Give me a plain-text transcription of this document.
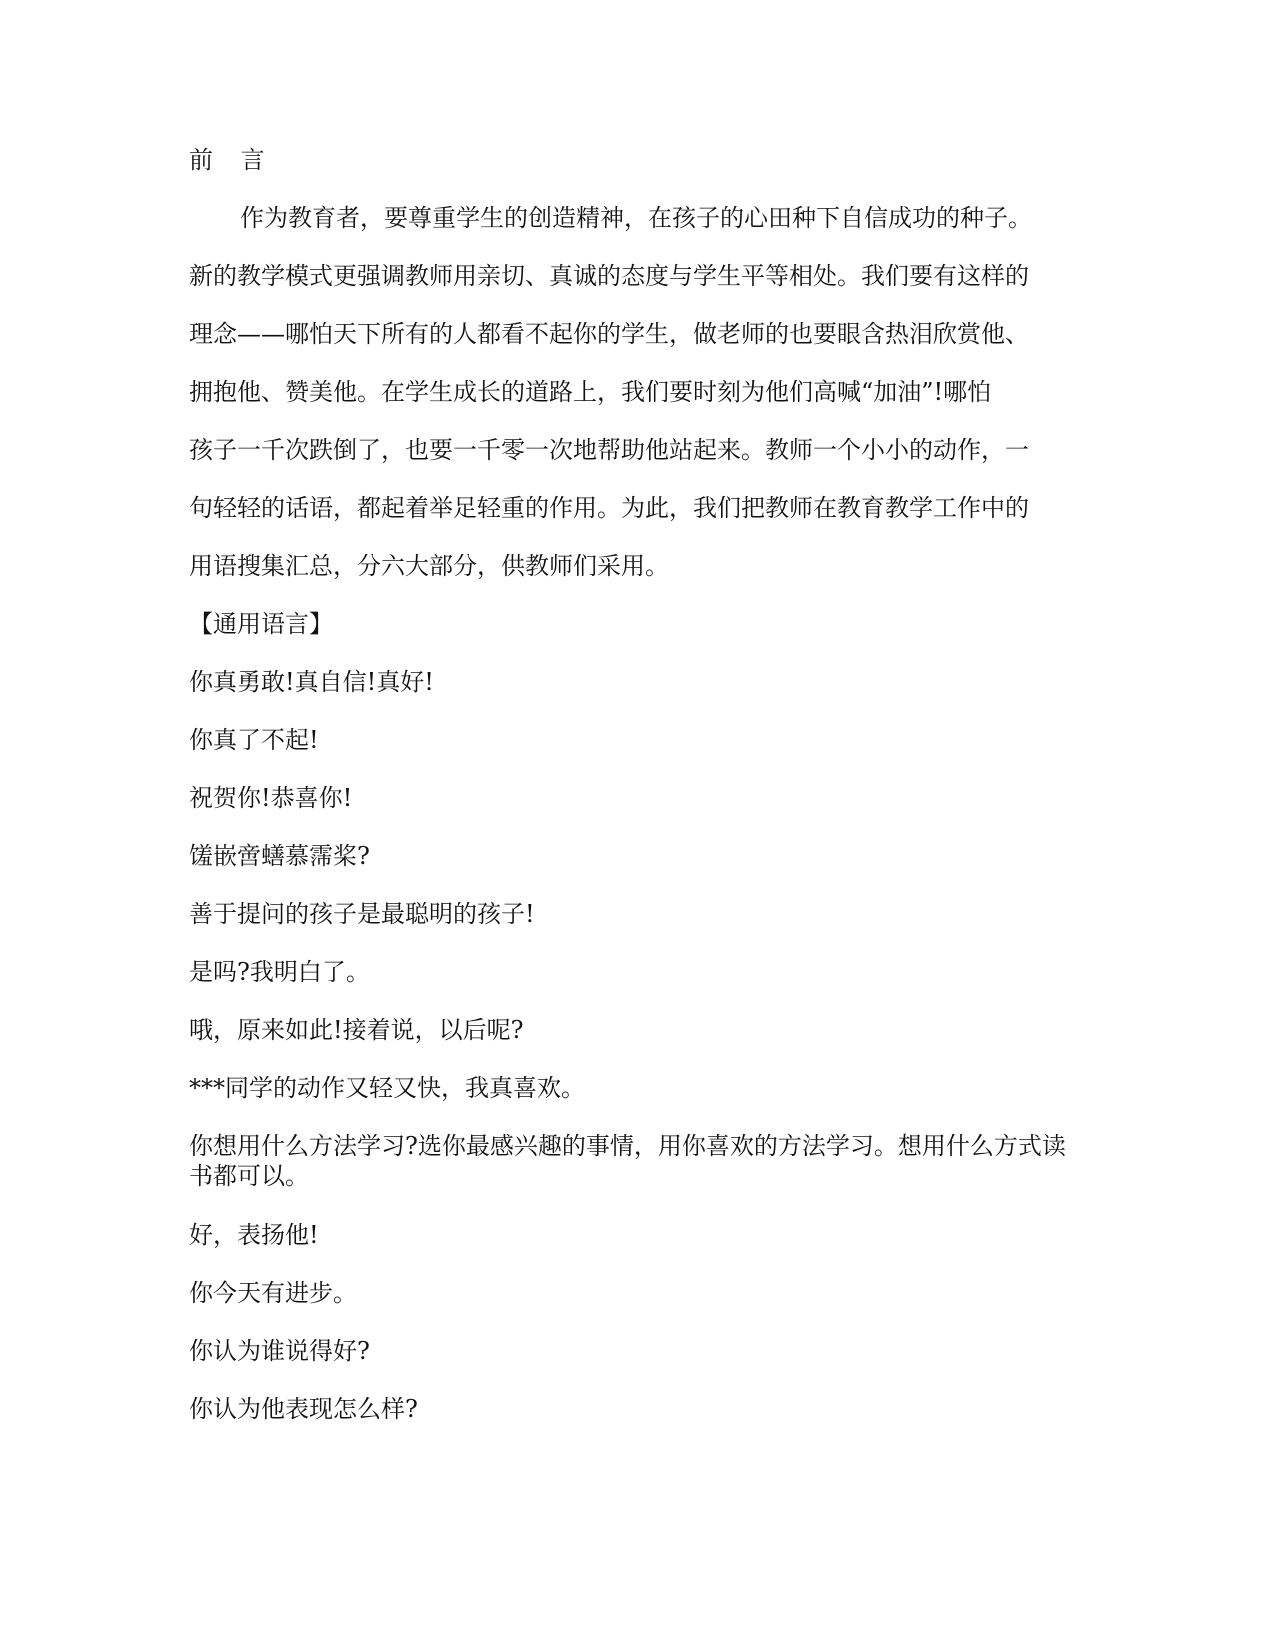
前 言
作为教育者，要尊重学生的创造精神，在孩子的心田种下自信成功的种子。
新的教学模式更强调教师用亲切、真诚的态度与学生平等相处。我们要有这样的
理念——哪怕天下所有的人都看不起你的学生，做老师的也要眼含热泪欣赏他、
拥抱他、赞美他。在学生成长的道路上，我们要时刻为他们高喊“加油”!哪怕
孩子一千次跌倒了，也要一千零一次地帮助他站起来。教师一个小小的动作，一
句轻轻的话语，都起着举足轻重的作用。为此，我们把教师在教育教学工作中的
用语搜集汇总，分六大部分，供教师们采用。
【通用语言】
你真勇敢!真自信!真好!
你真了不起!
祝贺你!恭喜你!
馐嵌啻蟮慕霈桨?
善于提问的孩子是最聪明的孩子!
是吗?我明白了。
哦，原来如此!接着说，以后呢?
***同学的动作又轻又快，我真喜欢。
你想用什么方法学习?选你最感兴趣的事情，用你喜欢的方法学习。想用什么方式读书都可以。
好，表扬他!
你今天有进步。
你认为谁说得好?
你认为他表现怎么样?
